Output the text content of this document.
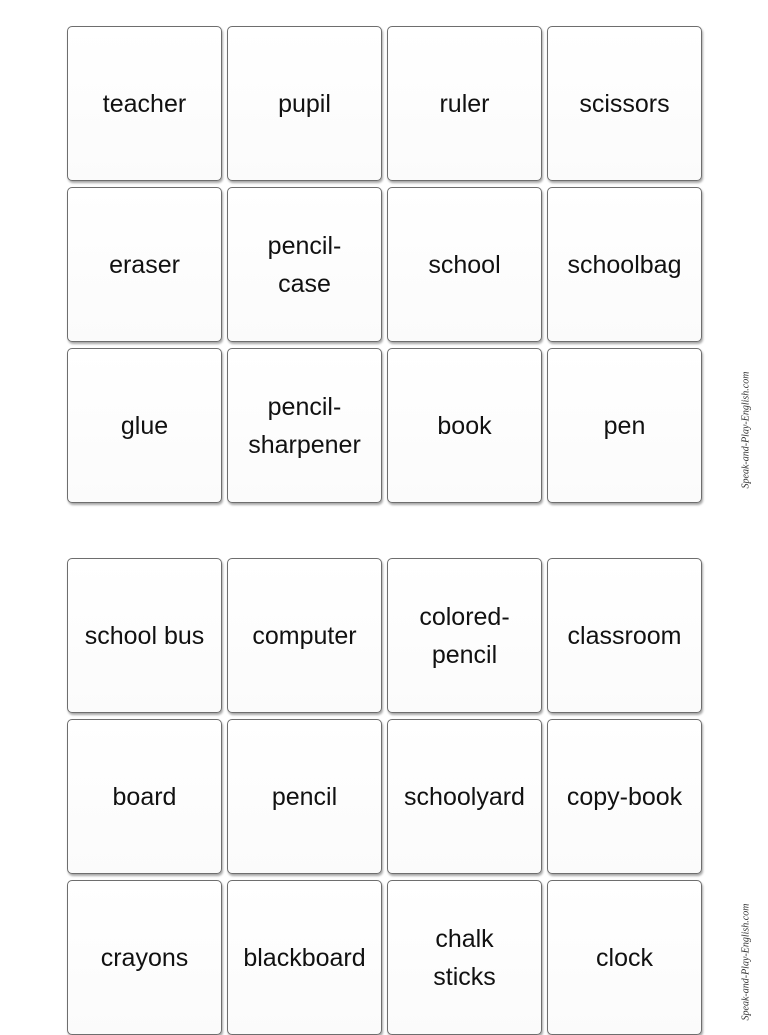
teacher	pupil	ruler	scissors
eraser
pencil-
case
school	schoolbag
glue
pencil-
sharpener
book	pen	Speak-and-Play-English.com
school bus computer
colored-
pencil
classroom
board	pencil	schoolyard copy-book
crayons blackboard
chalk
sticks
clock	Speak-and-Play-English.com
